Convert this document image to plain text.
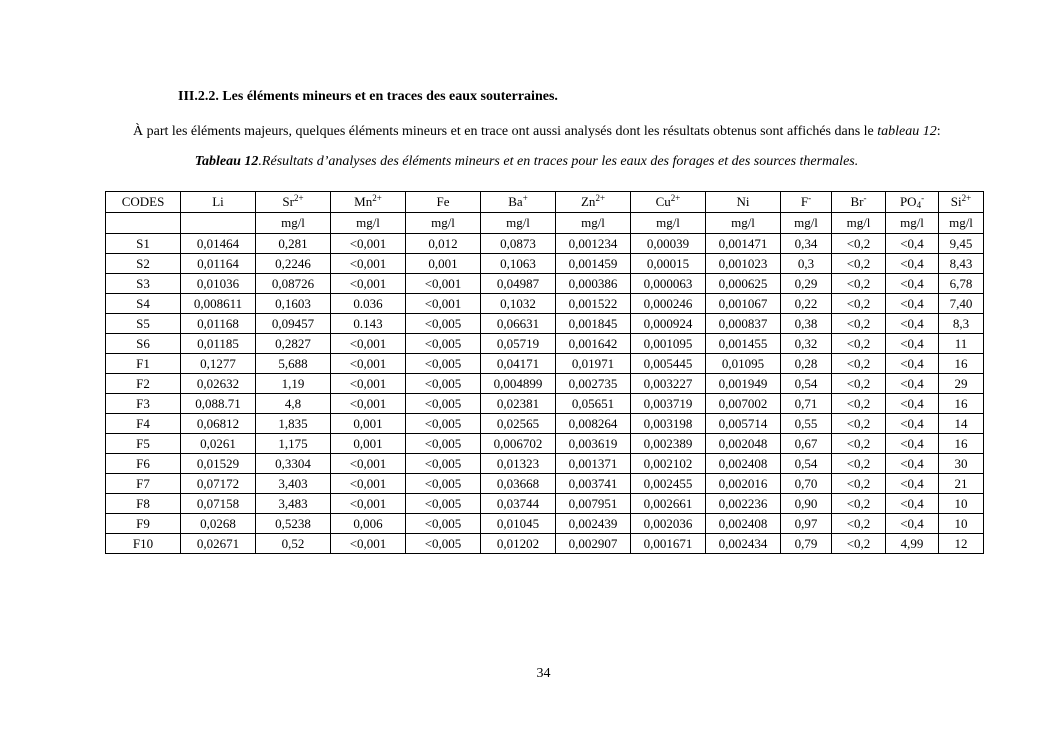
III.2.2. Les éléments mineurs et en traces des eaux souterraines.
À part les éléments majeurs, quelques éléments mineurs et en trace ont aussi analysés dont les résultats obtenus sont affichés dans le tableau 12:
Tableau 12.Résultats d’analyses des éléments mineurs et en traces pour les eaux des forages et des sources thermales.
CODES	Li	$Sr^{2+}$	$Mn^{2+}$	Fe	Ba+	$Zn^{2+}$	$Cu^{2+}$	Ni	F-	Br-	$PO_4^-$	$Si^{2+}$
		mg/l	mg/l	mg/l	mg/l	mg/l	mg/l	mg/l	mg/l	mg/l	mg/l	mg/l
S1	0,01464	0,281	<0,001	0,012	0,0873	0,001234	0,00039	0,001471	0,34	<0,2	<0,4	9,45
S2	0,01164	0,2246	<0,001	0,001	0,1063	0,001459	0,00015	0,001023	0,3	<0,2	<0,4	8,43
S3	0,01036	0,08726	<0,001	<0,001	0,04987	0,000386	0,000063	0,000625	0,29	<0,2	<0,4	6,78
S4	0,008611	0,1603	0.036	<0,001	0,1032	0,001522	0,000246	0,001067	0,22	<0,2	<0,4	7,40
S5	0,01168	0,09457	0.143	<0,005	0,06631	0,001845	0,000924	0,000837	0,38	<0,2	<0,4	8,3
S6	0,01185	0,2827	<0,001	<0,005	0,05719	0,001642	0,001095	0,001455	0,32	<0,2	<0,4	11
F1	0,1277	5,688	<0,001	<0,005	0,04171	0,01971	0,005445	0,01095	0,28	<0,2	<0,4	16
F2	0,02632	1,19	<0,001	<0,005	0,004899	0,002735	0,003227	0,001949	0,54	<0,2	<0,4	29
F3	0,088.71	4,8	<0,001	<0,005	0,02381	0,05651	0,003719	0,007002	0,71	<0,2	<0,4	16
F4	0,06812	1,835	0,001	<0,005	0,02565	0,008264	0,003198	0,005714	0,55	<0,2	<0,4	14
F5	0,0261	1,175	0,001	<0,005	0,006702	0,003619	0,002389	0,002048	0,67	<0,2	<0,4	16
F6	0,01529	0,3304	<0,001	<0,005	0,01323	0,001371	0,002102	0,002408	0,54	<0,2	<0,4	30
F7	0,07172	3,403	<0,001	<0,005	0,03668	0,003741	0,002455	0,002016	0,70	<0,2	<0,4	21
F8	0,07158	3,483	<0,001	<0,005	0,03744	0,007951	0,002661	0,002236	0,90	<0,2	<0,4	10
F9	0,0268	0,5238	0,006	<0,005	0,01045	0,002439	0,002036	0,002408	0,97	<0,2	<0,4	10
F10	0,02671	0,52	<0,001	<0,005	0,01202	0,002907	0,001671	0,002434	0,79	<0,2	4,99	12
34
